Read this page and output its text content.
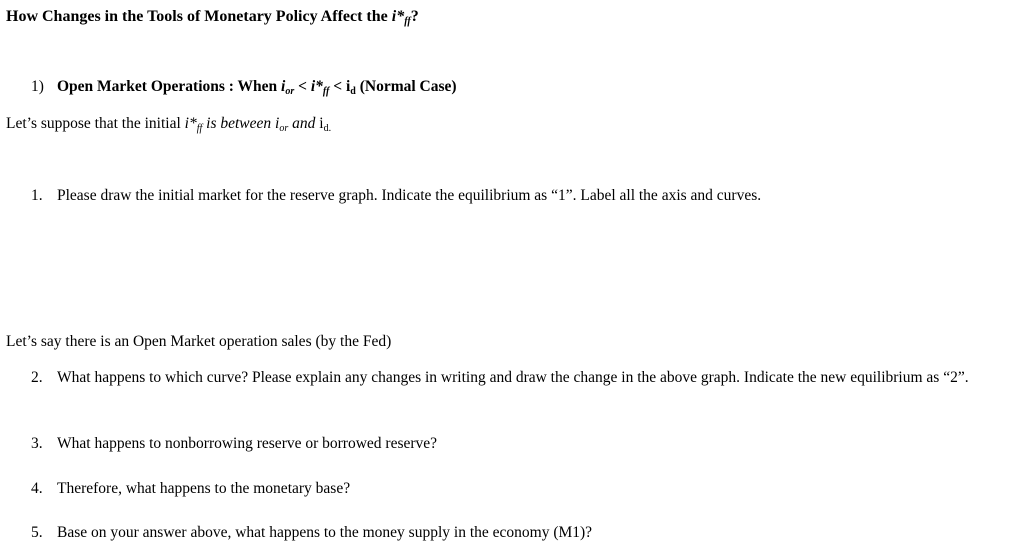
How Changes in the Tools of Monetary Policy Affect the $i*_{ff}$?
1) Open Market Operations : When $i_{or} < i*_{ff} < i_d$ (Normal Case)
Let’s suppose that the initial $i*_{ff}$ is between $i_{or}$ and $i_{d.}$
1. Please draw the initial market for the reserve graph. Indicate the equilibrium as “1”. Label all the axis and curves.
Let’s say there is an Open Market operation sales (by the Fed)
2. What happens to which curve? Please explain any changes in writing and draw the change in the above graph. Indicate the new equilibrium as “2”.
3. What happens to nonborrowing reserve or borrowed reserve?
4. Therefore, what happens to the monetary base?
5. Base on your answer above, what happens to the money supply in the economy (M1)?
